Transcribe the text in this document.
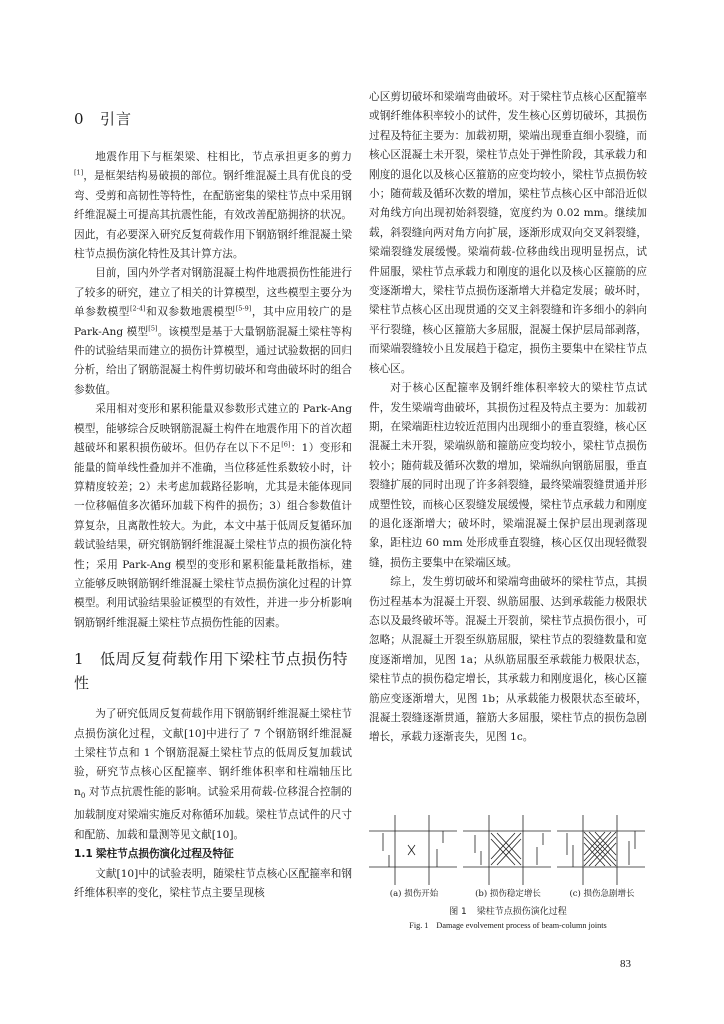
0 引言

地震作用下与框架梁、柱相比，节点承担更多的剪力[1]，是框架结构易破损的部位。钢纤维混凝土具有优良的受弯、受剪和高韧性等特性，在配筋密集的梁柱节点中采用钢纤维混凝土可提高其抗震性能，有效改善配筋拥挤的状况。因此，有必要深入研究反复荷载作用下钢筋钢纤维混凝土梁柱节点损伤演化特性及其计算方法。

目前，国内外学者对钢筋混凝土构件地震损伤性能进行了较多的研究，建立了相关的计算模型，这些模型主要分为单参数模型[2-4]和双参数地震模型[5-9]，其中应用较广的是 Park-Ang 模型[5]。该模型是基于大量钢筋混凝土梁柱等构件的试验结果而建立的损伤计算模型，通过试验数据的回归分析，给出了钢筋混凝土构件剪切破坏和弯曲破坏时的组合参数值。

采用相对变形和累积能量双参数形式建立的 Park-Ang 模型，能够综合反映钢筋混凝土构件在地震作用下的首次超越破坏和累积损伤破坏。但仍存在以下不足[6]：1）变形和能量的简单线性叠加并不准确，当位移延性系数较小时，计算精度较差；2）未考虑加载路径影响，尤其是未能体现同一位移幅值多次循环加载下构件的损伤；3）组合参数值计算复杂，且离散性较大。为此，本文中基于低周反复循环加载试验结果，研究钢筋钢纤维混凝土梁柱节点的损伤演化特性；采用 Park-Ang 模型的变形和累积能量耗散指标，建立能够反映钢筋钢纤维混凝土梁柱节点损伤演化过程的计算模型。利用试验结果验证模型的有效性，并进一步分析影响钢筋钢纤维混凝土梁柱节点损伤性能的因素。

1 低周反复荷载作用下梁柱节点损伤特性

为了研究低周反复荷载作用下钢筋钢纤维混凝土梁柱节点损伤演化过程，文献[10]中进行了 7 个钢筋钢纤维混凝土梁柱节点和 1 个钢筋混凝土梁柱节点的低周反复加载试验，研究节点核心区配箍率、钢纤维体积率和柱端轴压比 $n_0$ 对节点抗震性能的影响。试验采用荷载-位移混合控制的加载制度对梁端实施反对称循环加载。梁柱节点试件的尺寸和配筋、加载和量测等见文献[10]。

1.1 梁柱节点损伤演化过程及特征

文献[10]中的试验表明，随梁柱节点核心区配箍率和钢纤维体积率的变化，梁柱节点主要呈现核

心区剪切破坏和梁端弯曲破坏。对于梁柱节点核心区配箍率或钢纤维体积率较小的试件，发生核心区剪切破坏，其损伤过程及特征主要为：加载初期，梁端出现垂直细小裂缝，而核心区混凝土未开裂，梁柱节点处于弹性阶段，其承载力和刚度的退化以及核心区箍筋的应变均较小，梁柱节点损伤较小；随荷载及循环次数的增加，梁柱节点核心区中部沿近似对角线方向出现初始斜裂缝，宽度约为 0.02 mm。继续加载，斜裂缝向两对角方向扩展，逐渐形成双向交叉斜裂缝，梁端裂缝发展缓慢。梁端荷载-位移曲线出现明显拐点，试件屈服，梁柱节点承载力和刚度的退化以及核心区箍筋的应变逐渐增大，梁柱节点损伤逐渐增大并稳定发展；破坏时，梁柱节点核心区出现贯通的交叉主斜裂缝和许多细小的斜向平行裂缝，核心区箍筋大多屈服，混凝土保护层局部剥落，而梁端裂缝较小且发展趋于稳定，损伤主要集中在梁柱节点核心区。

对于核心区配箍率及钢纤维体积率较大的梁柱节点试件，发生梁端弯曲破坏，其损伤过程及特点主要为：加载初期，在梁端距柱边较近范围内出现细小的垂直裂缝，核心区混凝土未开裂，梁端纵筋和箍筋应变均较小，梁柱节点损伤较小；随荷载及循环次数的增加，梁端纵向钢筋屈服，垂直裂缝扩展的同时出现了许多斜裂缝，最终梁端裂缝贯通并形成塑性铰，而核心区裂缝发展缓慢，梁柱节点承载力和刚度的退化逐渐增大；破坏时，梁端混凝土保护层出现剥落现象，距柱边 60 mm 处形成垂直裂缝，核心区仅出现轻微裂缝，损伤主要集中在梁端区域。

综上，发生剪切破坏和梁端弯曲破坏的梁柱节点，其损伤过程基本为混凝土开裂、纵筋屈服、达到承载能力极限状态以及最终破坏等。混凝土开裂前，梁柱节点损伤很小，可忽略；从混凝土开裂至纵筋屈服，梁柱节点的裂缝数量和宽度逐渐增加，见图 1a；从纵筋屈服至承载能力极限状态，梁柱节点的损伤稳定增长，其承载力和刚度退化，核心区箍筋应变逐渐增大，见图 1b；从承载能力极限状态至破坏，混凝土裂缝逐渐贯通，箍筋大多屈服，梁柱节点的损伤急剧增长，承载力逐渐丧失，见图 1c。

(a) 损伤开始	(b) 损伤稳定增长	(c) 损伤急剧增长
图 1 梁柱节点损伤演化过程
Fig. 1 Damage evolvement process of beam-column joints
83
